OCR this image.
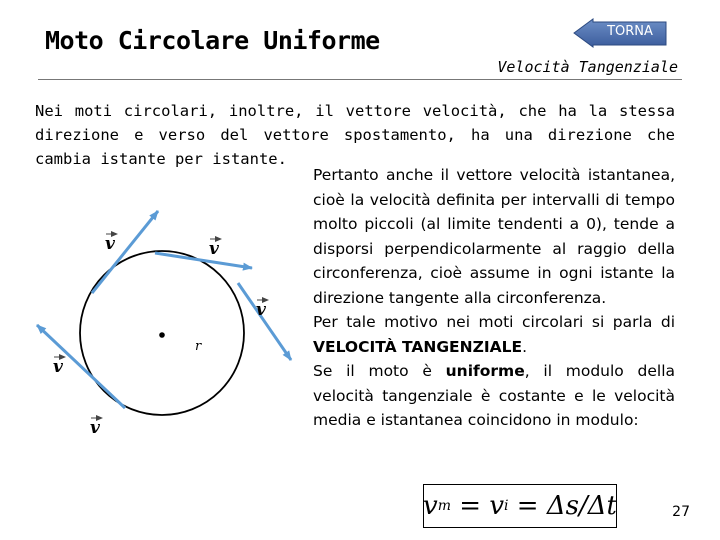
Moto Circolare Uniforme	TORNA
Velocità Tangenziale
Nei moti circolari, inoltre, il vettore velocità, che ha la stessa direzione e verso del vettore spostamento, ha una direzione che cambia istante per istante.
v	v
v
v
v
r

Pertanto anche il vettore velocità istantanea, cioè la velocità definita per intervalli di tempo molto piccoli (al limite tendenti a 0), tende a disporsi perpendicolarmente al raggio della circonferenza, cioè assume in ogni istante la direzione tangente alla circonferenza.

Per tale motivo nei moti circolari si parla di VELOCITÀ TANGENZIALE.

Se il moto è uniforme, il modulo della velocità tangenziale è costante e le velocità media e istantanea coincidono in modulo:

v m = v i = Δs/Δt	27
